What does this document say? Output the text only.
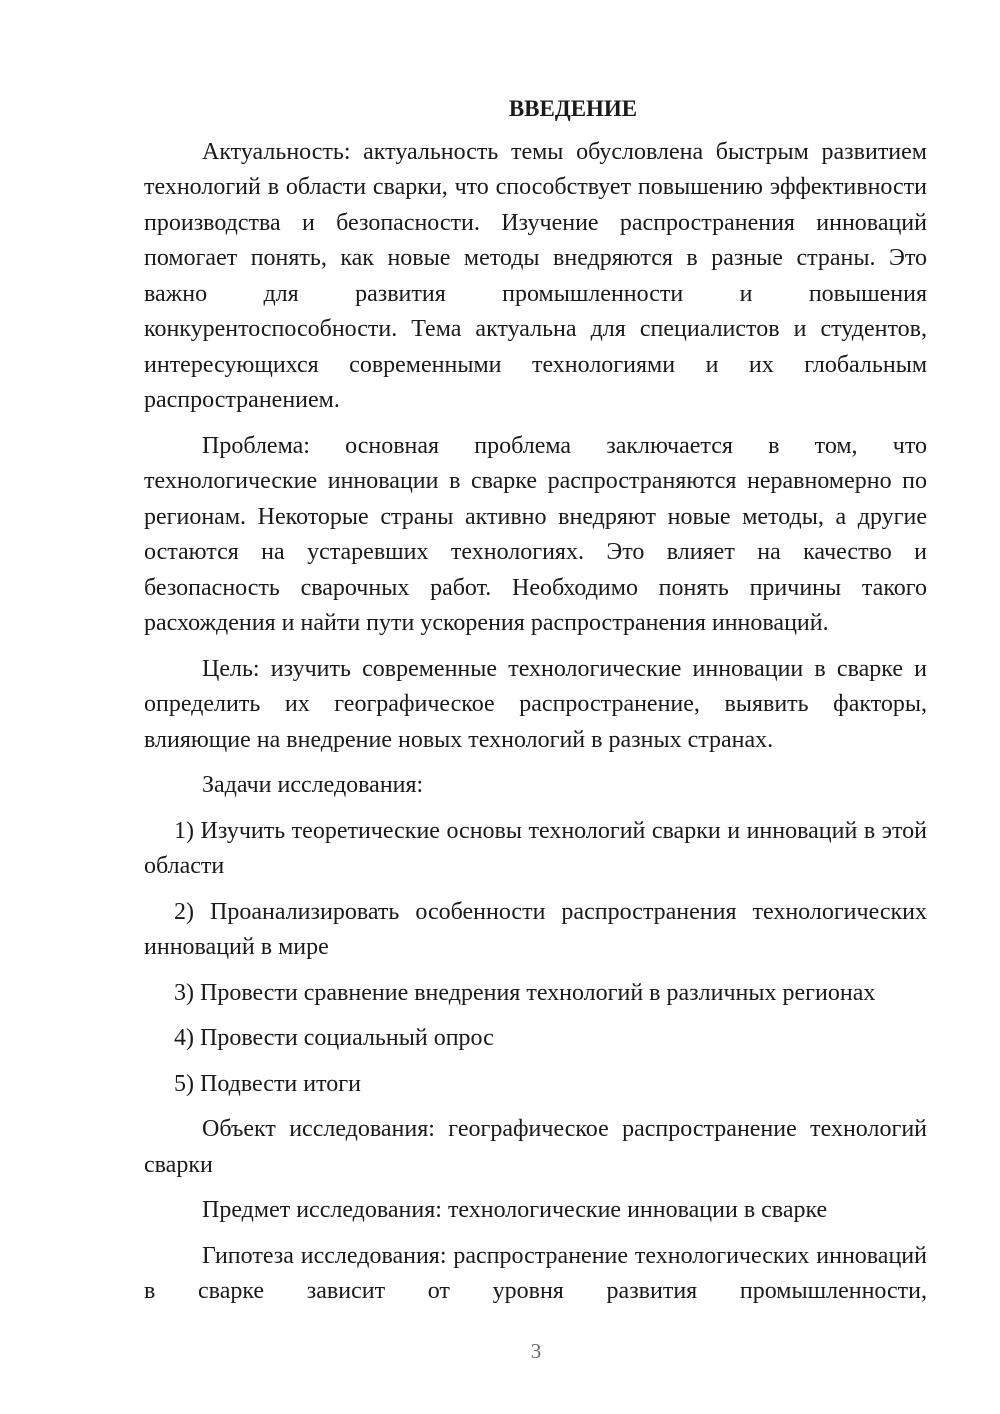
ВВЕДЕНИЕ

Актуальность: актуальность темы обусловлена быстрым развитием технологий в области сварки, что способствует повышению эффективности производства и безопасности. Изучение распространения инноваций помогает понять, как новые методы внедряются в разные страны. Это важно для развития промышленности и повышения конкурентоспособности. Тема актуальна для специалистов и студентов, интересующихся современными технологиями и их глобальным распространением.

Проблема: основная проблема заключается в том, что технологические инновации в сварке распространяются неравномерно по регионам. Некоторые страны активно внедряют новые методы, а другие остаются на устаревших технологиях. Это влияет на качество и безопасность сварочных работ. Необходимо понять причины такого расхождения и найти пути ускорения распространения инноваций.

Цель: изучить современные технологические инновации в сварке и определить их географическое распространение, выявить факторы, влияющие на внедрение новых технологий в разных странах.

Задачи исследования:

1) Изучить теоретические основы технологий сварки и инноваций в этой области

2) Проанализировать особенности распространения технологических инноваций в мире

3) Провести сравнение внедрения технологий в различных регионах

4) Провести социальный опрос

5) Подвести итоги

Объект исследования: географическое распространение технологий сварки

Предмет исследования: технологические инновации в сварке

Гипотеза исследования: распространение технологических инноваций в сварке зависит от уровня развития промышленности,

3
